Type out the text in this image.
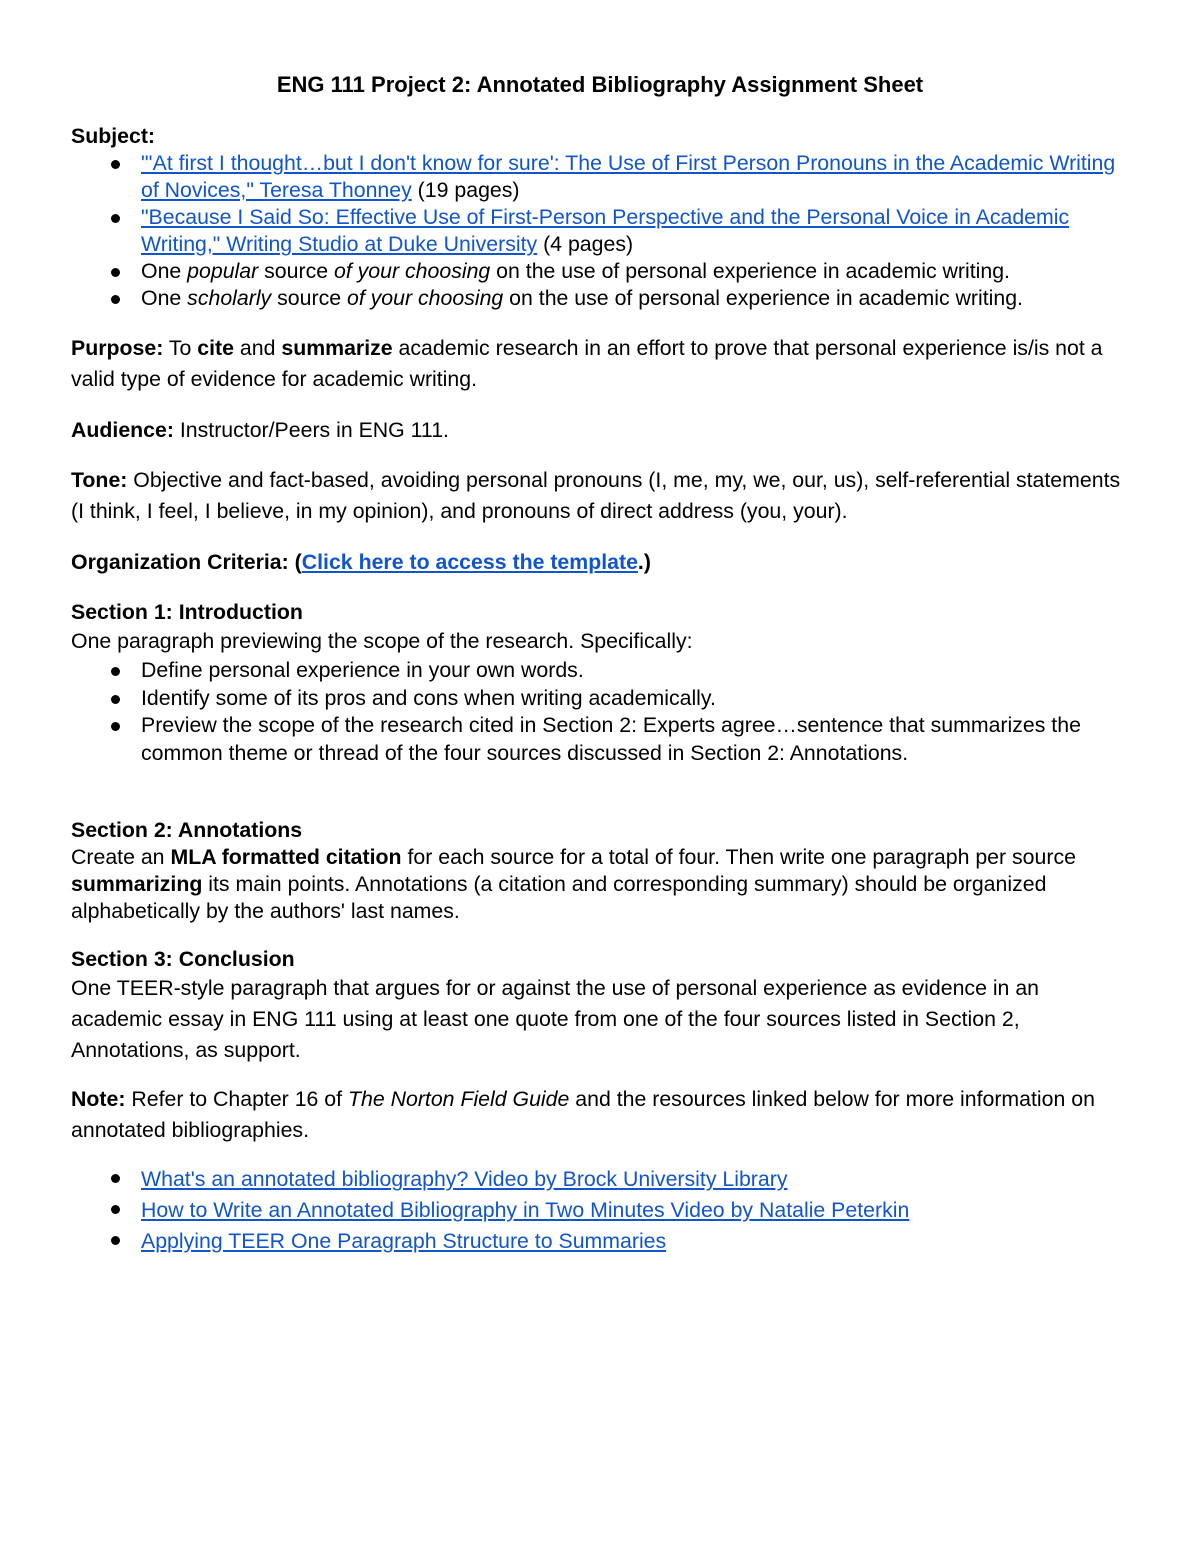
ENG 111 Project 2: Annotated Bibliography Assignment Sheet
Subject:
"'At first I thought…but I don't know for sure': The Use of First Person Pronouns in the Academic Writing of Novices," Teresa Thonney (19 pages)
"Because I Said So: Effective Use of First-Person Perspective and the Personal Voice in Academic Writing," Writing Studio at Duke University (4 pages)
One popular source of your choosing on the use of personal experience in academic writing.
One scholarly source of your choosing on the use of personal experience in academic writing.
Purpose: To cite and summarize academic research in an effort to prove that personal experience is/is not a valid type of evidence for academic writing.
Audience: Instructor/Peers in ENG 111.
Tone: Objective and fact-based, avoiding personal pronouns (I, me, my, we, our, us), self-referential statements (I think, I feel, I believe, in my opinion), and pronouns of direct address (you, your).
Organization Criteria: (Click here to access the template.)
Section 1: Introduction
One paragraph previewing the scope of the research. Specifically:
Define personal experience in your own words.
Identify some of its pros and cons when writing academically.
Preview the scope of the research cited in Section 2: Experts agree…sentence that summarizes the common theme or thread of the four sources discussed in Section 2: Annotations.
Section 2: Annotations
Create an MLA formatted citation for each source for a total of four. Then write one paragraph per source summarizing its main points. Annotations (a citation and corresponding summary) should be organized alphabetically by the authors' last names.
Section 3: Conclusion
One TEER-style paragraph that argues for or against the use of personal experience as evidence in an academic essay in ENG 111 using at least one quote from one of the four sources listed in Section 2, Annotations, as support.
Note: Refer to Chapter 16 of The Norton Field Guide and the resources linked below for more information on annotated bibliographies.
What's an annotated bibliography? Video by Brock University Library
How to Write an Annotated Bibliography in Two Minutes Video by Natalie Peterkin
Applying TEER One Paragraph Structure to Summaries
